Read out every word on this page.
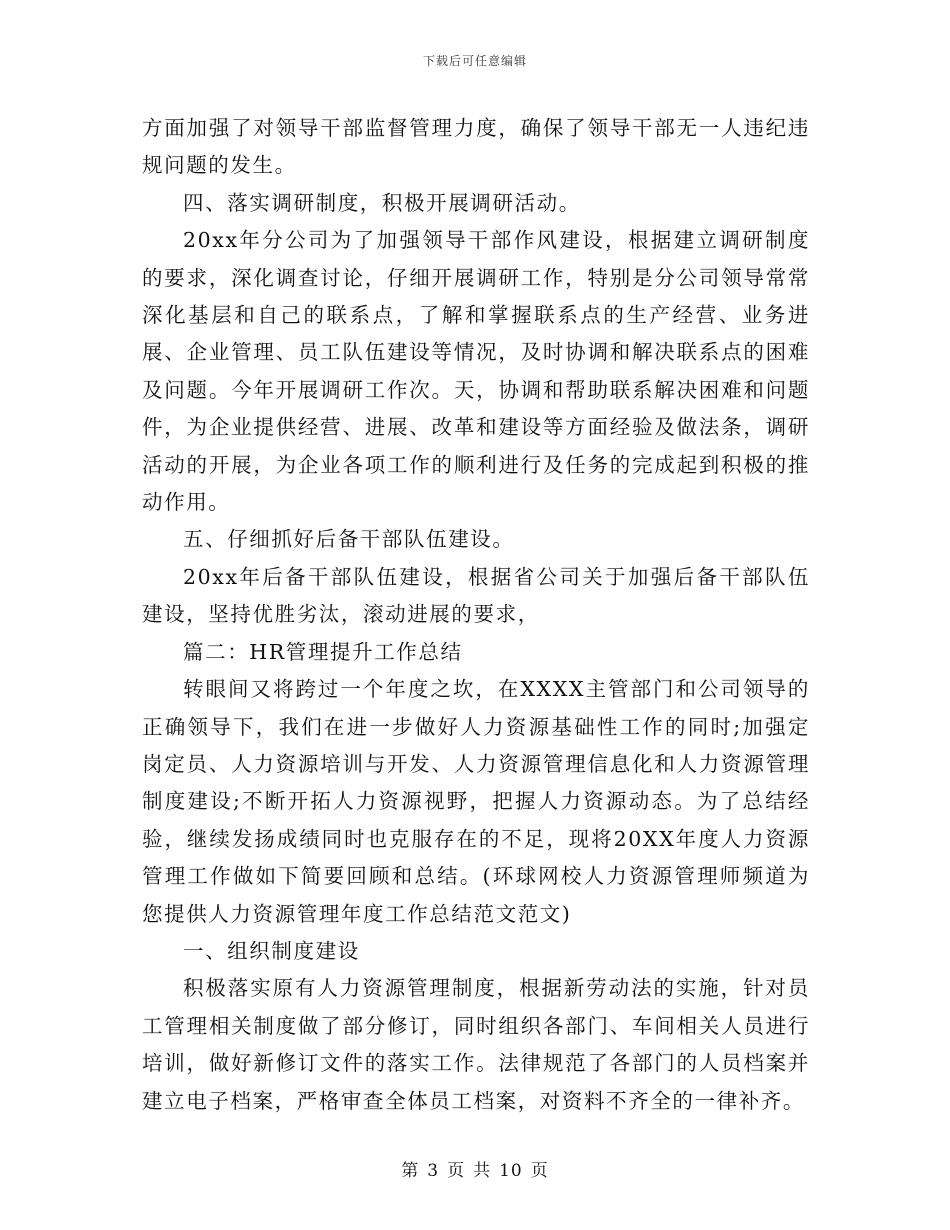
下载后可任意编辑

方面加强了对领导干部监督管理力度，确保了领导干部无一人违纪违规问题的发生。

四、落实调研制度，积极开展调研活动。

20xx年分公司为了加强领导干部作风建设，根据建立调研制度的要求，深化调查讨论，仔细开展调研工作，特别是分公司领导常常深化基层和自己的联系点，了解和掌握联系点的生产经营、业务进展、企业管理、员工队伍建设等情况，及时协调和解决联系点的困难及问题。今年开展调研工作次。天，协调和帮助联系解决困难和问题件，为企业提供经营、进展、改革和建设等方面经验及做法条，调研活动的开展，为企业各项工作的顺利进行及任务的完成起到积极的推动作用。

五、仔细抓好后备干部队伍建设。

20xx年后备干部队伍建设，根据省公司关于加强后备干部队伍建设，坚持优胜劣汰，滚动进展的要求，

篇二：HR管理提升工作总结

转眼间又将跨过一个年度之坎，在XXXX主管部门和公司领导的正确领导下，我们在进一步做好人力资源基础性工作的同时;加强定岗定员、人力资源培训与开发、人力资源管理信息化和人力资源管理制度建设;不断开拓人力资源视野，把握人力资源动态。为了总结经验，继续发扬成绩同时也克服存在的不足，现将20XX年度人力资源管理工作做如下简要回顾和总结。(环球网校人力资源管理师频道为您提供人力资源管理年度工作总结范文范文)

一、组织制度建设

积极落实原有人力资源管理制度，根据新劳动法的实施，针对员工管理相关制度做了部分修订，同时组织各部门、车间相关人员进行培训，做好新修订文件的落实工作。法律规范了各部门的人员档案并建立电子档案，严格审查全体员工档案，对资料不齐全的一律补齐。

第 3 页 共 10 页
